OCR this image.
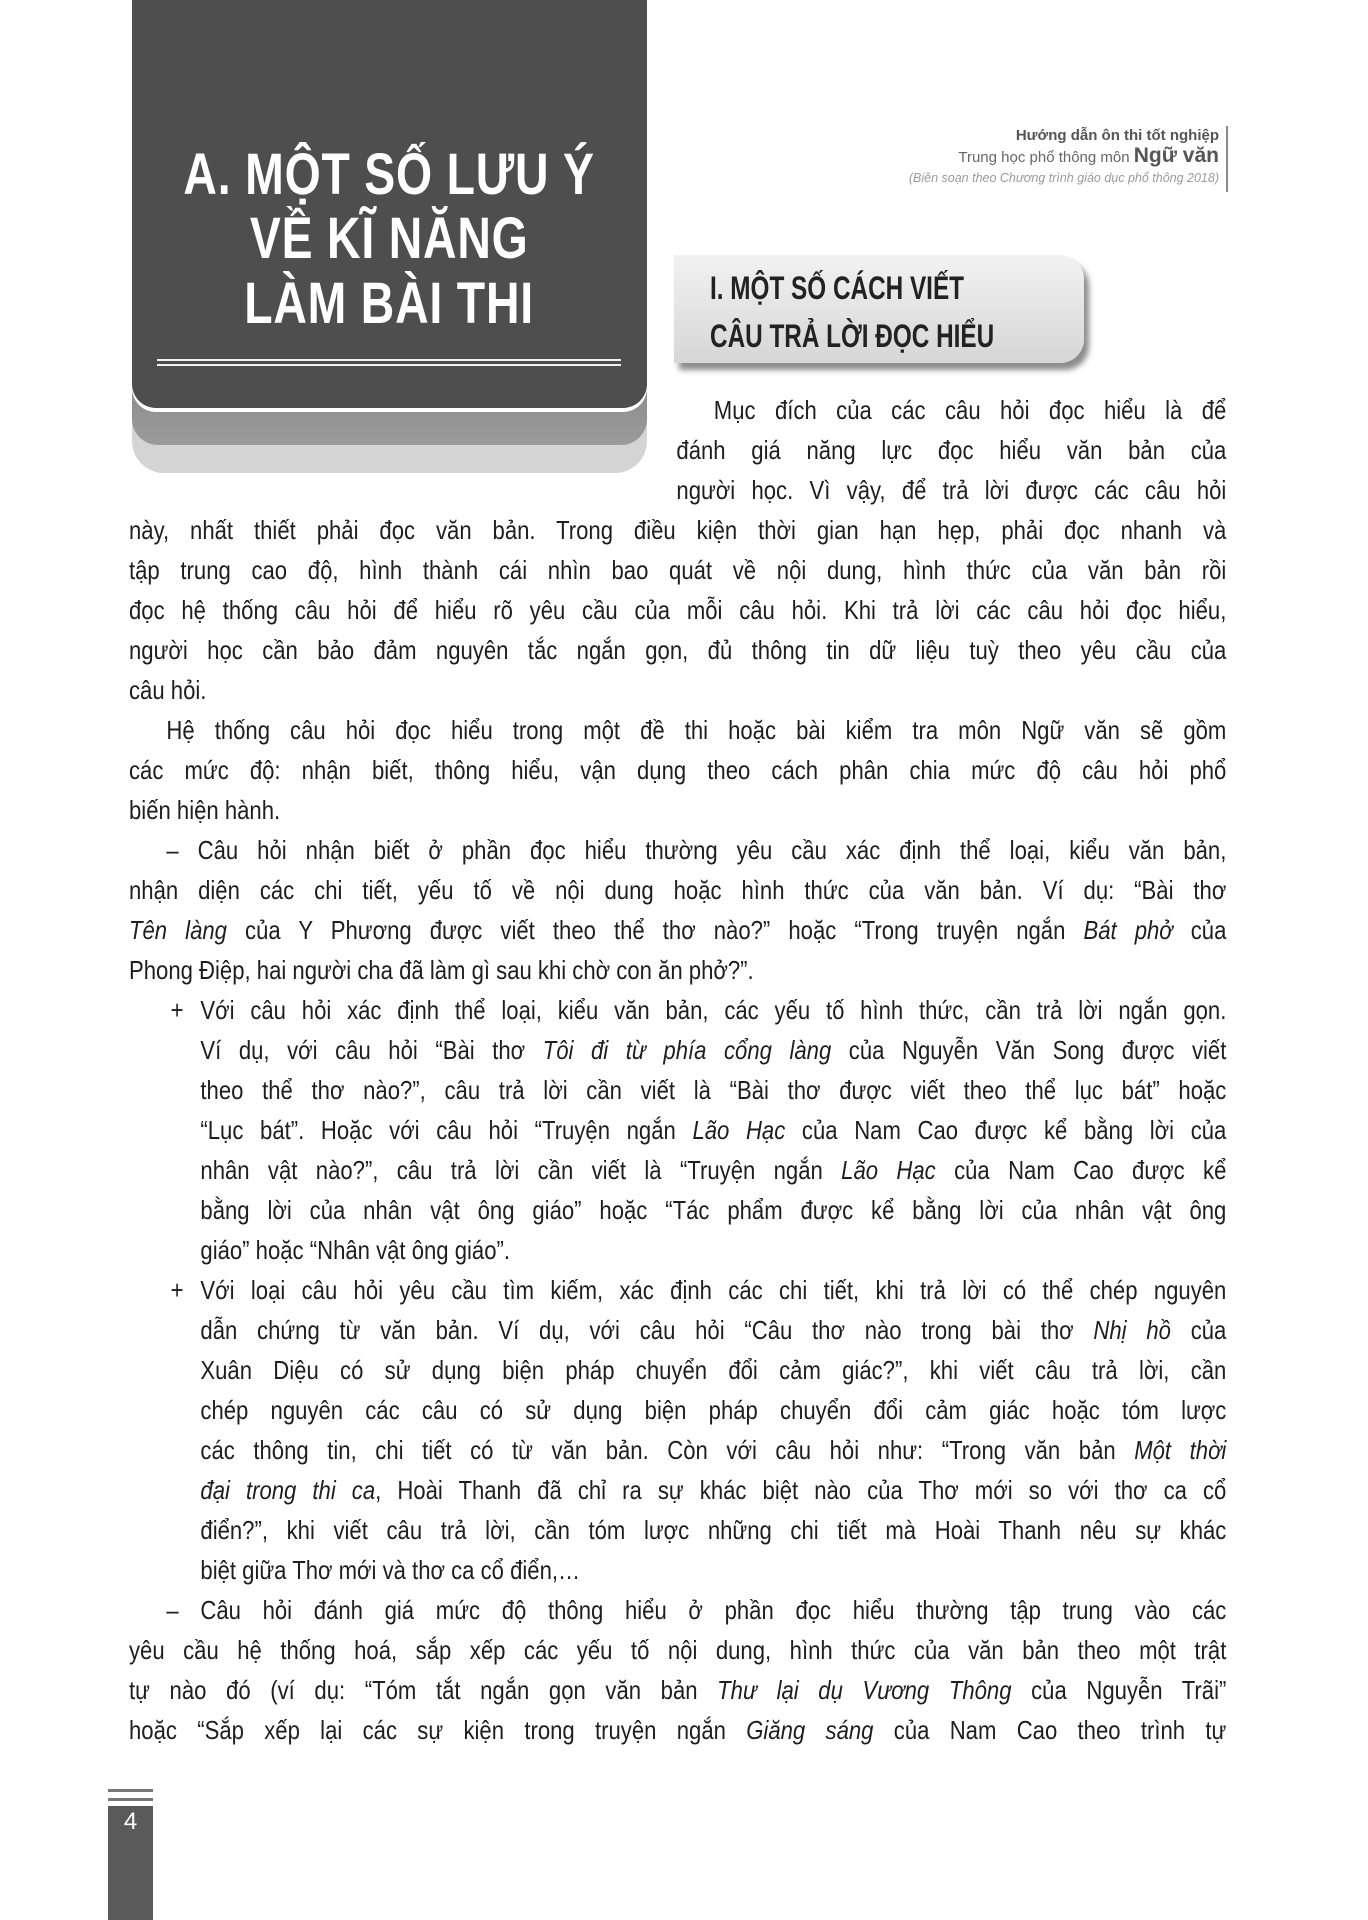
A. MỘT SỐ LƯU Ý
VỀ KĨ NĂNG
LÀM BÀI THI
Hướng dẫn ôn thi tốt nghiệp
Trung học phổ thông môn Ngữ văn
(Biên soạn theo Chương trình giáo dục phổ thông 2018)
I. MỘT SỐ CÁCH VIẾT
CÂU TRẢ LỜI ĐỌC HIỂU
Mục đích của các câu hỏi đọc hiểu là để
đánh giá năng lực đọc hiểu văn bản của
người học. Vì vậy, để trả lời được các câu hỏi
này, nhất thiết phải đọc văn bản. Trong điều kiện thời gian hạn hẹp, phải đọc nhanh và
tập trung cao độ, hình thành cái nhìn bao quát về nội dung, hình thức của văn bản rồi
đọc hệ thống câu hỏi để hiểu rõ yêu cầu của mỗi câu hỏi. Khi trả lời các câu hỏi đọc hiểu,
người học cần bảo đảm nguyên tắc ngắn gọn, đủ thông tin dữ liệu tuỳ theo yêu cầu của
câu hỏi.
Hệ thống câu hỏi đọc hiểu trong một đề thi hoặc bài kiểm tra môn Ngữ văn sẽ gồm
các mức độ: nhận biết, thông hiểu, vận dụng theo cách phân chia mức độ câu hỏi phổ
biến hiện hành.
– Câu hỏi nhận biết ở phần đọc hiểu thường yêu cầu xác định thể loại, kiểu văn bản,
nhận diện các chi tiết, yếu tố về nội dung hoặc hình thức của văn bản. Ví dụ: “Bài thơ
Tên làng của Y Phương được viết theo thể thơ nào?” hoặc “Trong truyện ngắn Bát phở của
Phong Điệp, hai người cha đã làm gì sau khi chờ con ăn phở?”.
+ Với câu hỏi xác định thể loại, kiểu văn bản, các yếu tố hình thức, cần trả lời ngắn gọn.
Ví dụ, với câu hỏi “Bài thơ Tôi đi từ phía cổng làng của Nguyễn Văn Song được viết
theo thể thơ nào?”, câu trả lời cần viết là “Bài thơ được viết theo thể lục bát” hoặc
“Lục bát”. Hoặc với câu hỏi “Truyện ngắn Lão Hạc của Nam Cao được kể bằng lời của
nhân vật nào?”, câu trả lời cần viết là “Truyện ngắn Lão Hạc của Nam Cao được kể
bằng lời của nhân vật ông giáo” hoặc “Tác phẩm được kể bằng lời của nhân vật ông
giáo” hoặc “Nhân vật ông giáo”.
+ Với loại câu hỏi yêu cầu tìm kiếm, xác định các chi tiết, khi trả lời có thể chép nguyên
dẫn chứng từ văn bản. Ví dụ, với câu hỏi “Câu thơ nào trong bài thơ Nhị hồ của
Xuân Diệu có sử dụng biện pháp chuyển đổi cảm giác?”, khi viết câu trả lời, cần
chép nguyên các câu có sử dụng biện pháp chuyển đổi cảm giác hoặc tóm lược
các thông tin, chi tiết có từ văn bản. Còn với câu hỏi như: “Trong văn bản Một thời
đại trong thi ca, Hoài Thanh đã chỉ ra sự khác biệt nào của Thơ mới so với thơ ca cổ
điển?”, khi viết câu trả lời, cần tóm lược những chi tiết mà Hoài Thanh nêu sự khác
biệt giữa Thơ mới và thơ ca cổ điển,…
– Câu hỏi đánh giá mức độ thông hiểu ở phần đọc hiểu thường tập trung vào các
yêu cầu hệ thống hoá, sắp xếp các yếu tố nội dung, hình thức của văn bản theo một trật
tự nào đó (ví dụ: “Tóm tắt ngắn gọn văn bản Thư lại dụ Vương Thông của Nguyễn Trãi”
hoặc “Sắp xếp lại các sự kiện trong truyện ngắn Giăng sáng của Nam Cao theo trình tự
4
